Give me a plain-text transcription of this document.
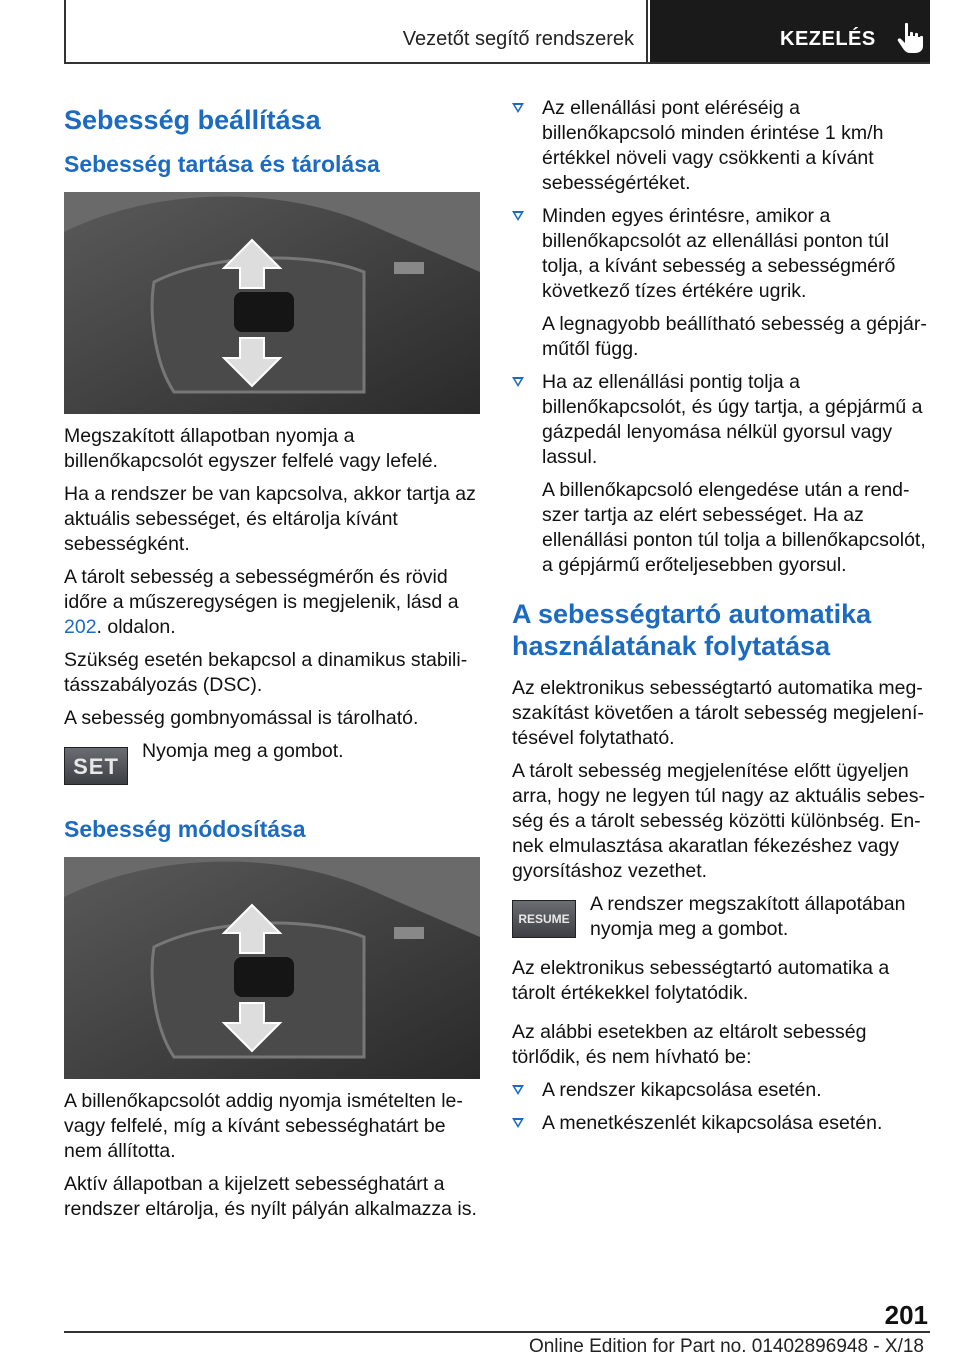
Vezetőt segítő rendszerek	KEZELÉS
Sebesség beállítása
Sebesség tartása és tárolása

Megszakított állapotban nyomja a billenőkapcsolót egyszer felfelé vagy lefelé.

Ha a rendszer be van kapcsolva, akkor tartja az aktuális sebességet, és eltárolja kívánt sebességként.

A tárolt sebesség a sebességmérőn és rövid időre a műszeregységen is megjelenik, lásd a 202. oldalon.

Szükség esetén bekapcsol a dinamikus stabilitásszabályozás (DSC).

A sebesség gombnyomással is tárolható.

SET
Nyomja meg a gombot.
Sebesség módosítása

A billenőkapcsolót addig nyomja ismételten le- vagy felfelé, míg a kívánt sebességhatárt be nem állította.

Aktív állapotban a kijelzett sebességhatárt a rendszer eltárolja, és nyílt pályán alkalmazza is.

Az ellenállási pont eléréséig a billenőkapcsoló minden érintése 1 km/h értékkel növeli vagy csökkenti a kívánt sebességértéket.
Minden egyes érintésre, amikor a billenőkapcsolót az ellenállási ponton túl tolja, a kívánt sebesség a sebességmérő következő tízes értékére ugrik.
A legnagyobb beállítható sebesség a gépjárműtől függ.
Ha az ellenállási pontig tolja a billenőkapcsolót, és úgy tartja, a gépjármű a gázpedál lenyomása nélkül gyorsul vagy lassul.
A billenőkapcsoló elengedése után a rendszer tartja az elért sebességet. Ha az ellenállási ponton túl tolja a billenőkapcsolót, a gépjármű erőteljesebben gyorsul.
A sebességtartó automatika használatának folytatása

Az elektronikus sebességtartó automatika megszakítást követően a tárolt sebesség megjelenítésével folytatható.

A tárolt sebesség megjelenítése előtt ügyeljen arra, hogy ne legyen túl nagy az aktuális sebesség és a tárolt sebesség közötti különbség. Ennek elmulasztása akaratlan fékezéshez vagy gyorsításhoz vezethet.

RESUME
A rendszer megszakított állapotában nyomja meg a gombot.

Az elektronikus sebességtartó automatika a tárolt értékekkel folytatódik.

Az alábbi esetekben az eltárolt sebesség törlődik, és nem hívható be:

A rendszer kikapcsolása esetén.
A menetkészenlét kikapcsolása esetén.
201
Online Edition for Part no. 01402896948 - X/18
